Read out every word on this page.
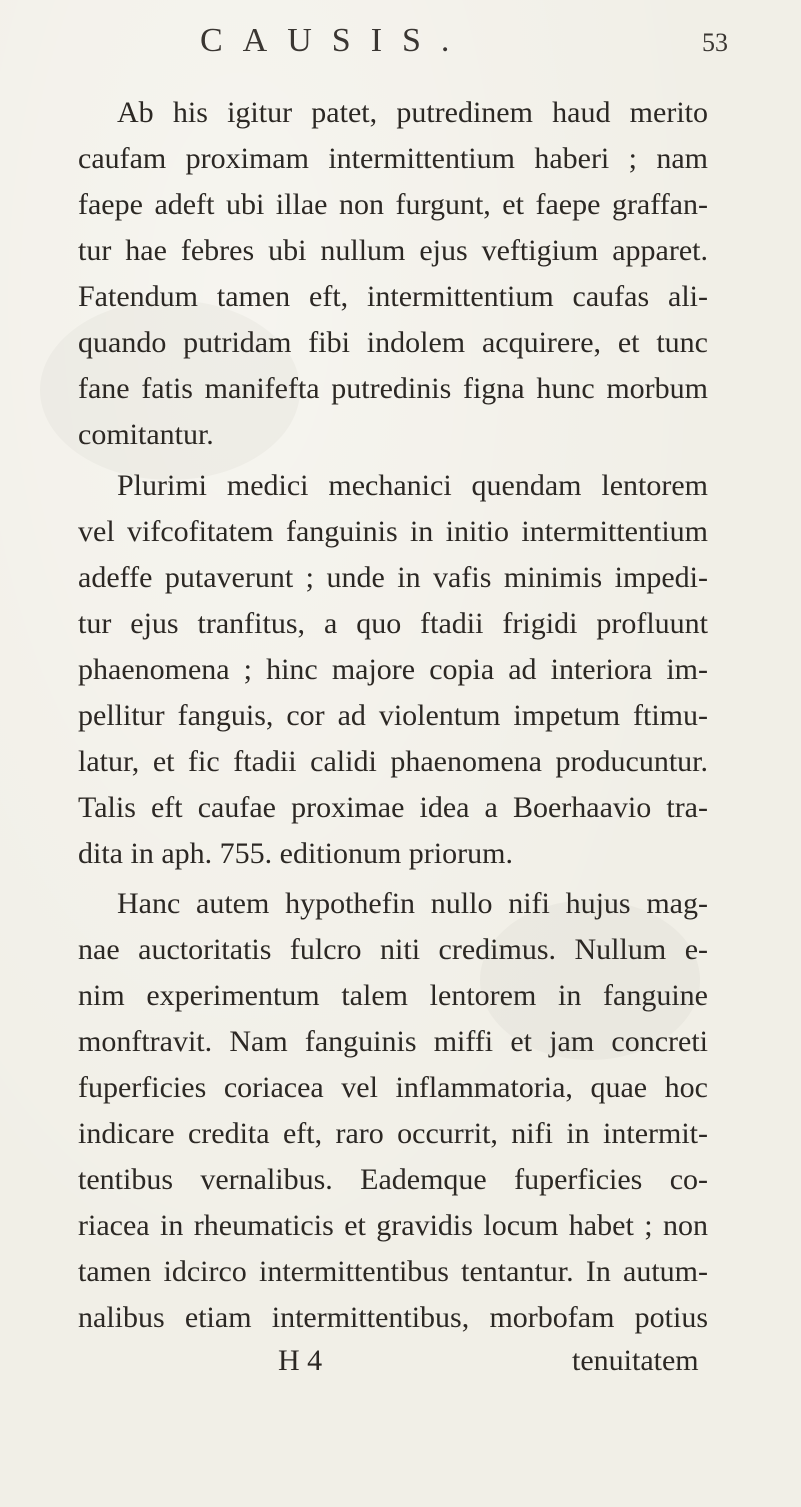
CAUSIS.	53
Ab his igitur patet, putredinem haud merito
caufam proximam intermittentium haberi ; nam
faepe adeft ubi illae non furgunt, et faepe graffan-
tur hae febres ubi nullum ejus veftigium apparet.
Fatendum tamen eft, intermittentium caufas ali-
quando putridam fibi indolem acquirere, et tunc
fane fatis manifefta putredinis figna hunc morbum
comitantur.
Plurimi medici mechanici quendam lentorem
vel vifcofitatem fanguinis in initio intermittentium
adeffe putaverunt ; unde in vafis minimis impedi-
tur ejus tranfitus, a quo ftadii frigidi profluunt
phaenomena ; hinc majore copia ad interiora im-
pellitur fanguis, cor ad violentum impetum ftimu-
latur, et fic ftadii calidi phaenomena producuntur.
Talis eft caufae proximae idea a Boerhaavio tra-
dita in aph. 755. editionum priorum.
Hanc autem hypothefin nullo nifi hujus mag-
nae auctoritatis fulcro niti credimus. Nullum e-
nim experimentum talem lentorem in fanguine
monftravit. Nam fanguinis miffi et jam concreti
fuperficies coriacea vel inflammatoria, quae hoc
indicare credita eft, raro occurrit, nifi in intermit-
tentibus vernalibus. Eademque fuperficies co-
riacea in rheumaticis et gravidis locum habet ; non
tamen idcirco intermittentibus tentantur. In autum-
nalibus etiam intermittentibus, morbofam potius
H 4	tenuitatem
